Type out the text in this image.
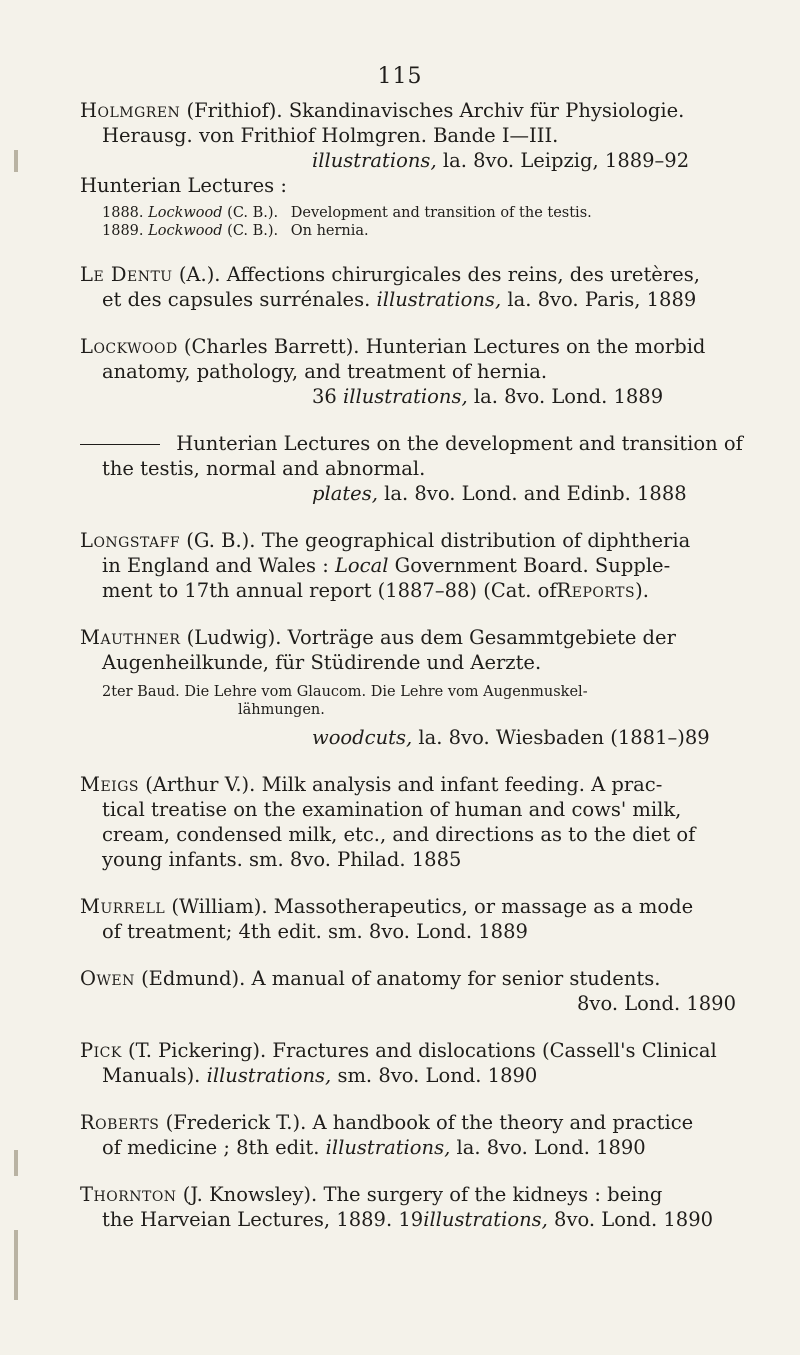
115
Holmgren (Frithiof). Skandinavisches Archiv für Physiologie.
Herausg. von Frithiof Holmgren. Bande I—III.
illustrations, la. 8vo. Leipzig, 1889–92
Hunterian Lectures :
1888. Lockwood (C. B.). Development and transition of the testis.
1889. Lockwood (C. B.). On hernia.
Le Dentu (A.). Affections chirurgicales des reins, des uretères,
et des capsules surrénales. illustrations, la. 8vo. Paris, 1889
Lockwood (Charles Barrett). Hunterian Lectures on the morbid
anatomy, pathology, and treatment of hernia.
36 illustrations, la. 8vo. Lond. 1889
Hunterian Lectures on the development and transition of
the testis, normal and abnormal.
plates, la. 8vo. Lond. and Edinb. 1888
Longstaff (G. B.). The geographical distribution of diphtheria
in England and Wales : Local Government Board. Supple-
ment to 17th annual report (1887–88) (Cat. ofReports).
Mauthner (Ludwig). Vorträge aus dem Gesammtgebiete der
Augenheilkunde, für Stüdirende und Aerzte.
2ter Baud. Die Lehre vom Glaucom. Die Lehre vom Augenmuskel-
lähmungen.
woodcuts, la. 8vo. Wiesbaden (1881–)89
Meigs (Arthur V.). Milk analysis and infant feeding. A prac-
tical treatise on the examination of human and cows' milk,
cream, condensed milk, etc., and directions as to the diet of
young infants. sm. 8vo. Philad. 1885
Murrell (William). Massotherapeutics, or massage as a mode
of treatment; 4th edit. sm. 8vo. Lond. 1889
Owen (Edmund). A manual of anatomy for senior students.
8vo. Lond. 1890
Pick (T. Pickering). Fractures and dislocations (Cassell's Clinical
Manuals). illustrations, sm. 8vo. Lond. 1890
Roberts (Frederick T.). A handbook of the theory and practice
of medicine ; 8th edit. illustrations, la. 8vo. Lond. 1890
Thornton (J. Knowsley). The surgery of the kidneys : being
the Harveian Lectures, 1889. 19illustrations, 8vo. Lond. 1890
